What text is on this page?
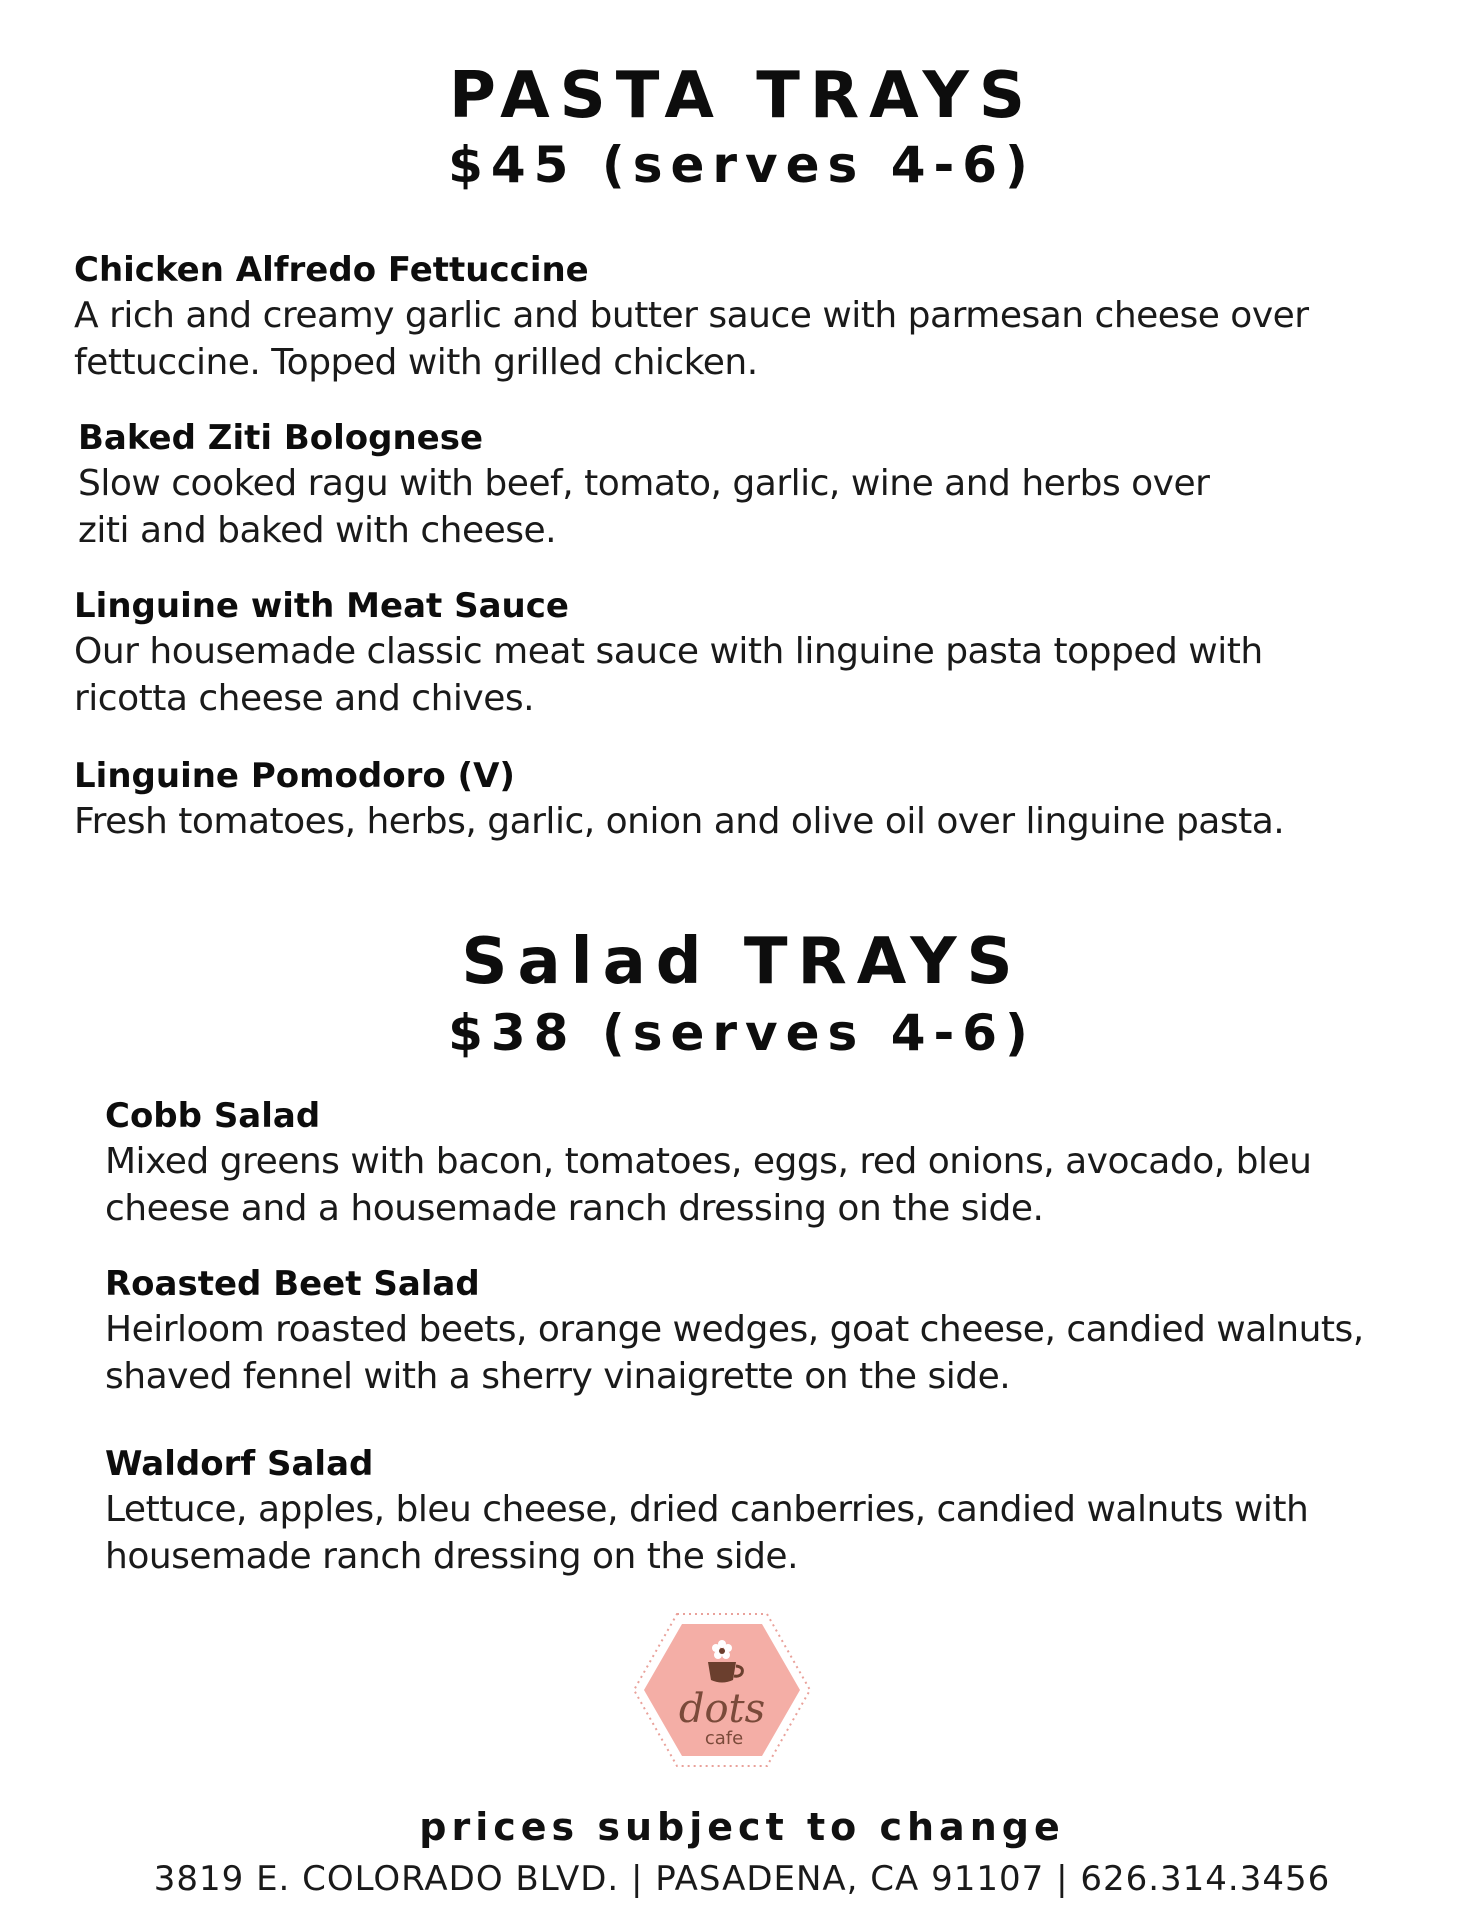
PASTA TRAYS
$45 (serves 4-6)

Chicken Alfredo Fettuccine

A rich and creamy garlic and butter sauce with parmesan cheese over

fettuccine. Topped with grilled chicken.

Baked Ziti Bolognese

Slow cooked ragu with beef, tomato, garlic, wine and herbs over

ziti and baked with cheese.

Linguine with Meat Sauce

Our housemade classic meat sauce with linguine pasta topped with

ricotta cheese and chives.

Linguine Pomodoro (V)

Fresh tomatoes, herbs, garlic, onion and olive oil over linguine pasta.

Salad TRAYS
$38 (serves 4-6)

Cobb Salad

Mixed greens with bacon, tomatoes, eggs, red onions, avocado, bleu

cheese and a housemade ranch dressing on the side.

Roasted Beet Salad

Heirloom roasted beets, orange wedges, goat cheese, candied walnuts,

shaved fennel with a sherry vinaigrette on the side.

Waldorf Salad

Lettuce, apples, bleu cheese, dried canberries, candied walnuts with

housemade ranch dressing on the side.

dots
cafe

prices subject to change

3819 E. COLORADO BLVD. | PASADENA, CA 91107 | 626.314.3456
